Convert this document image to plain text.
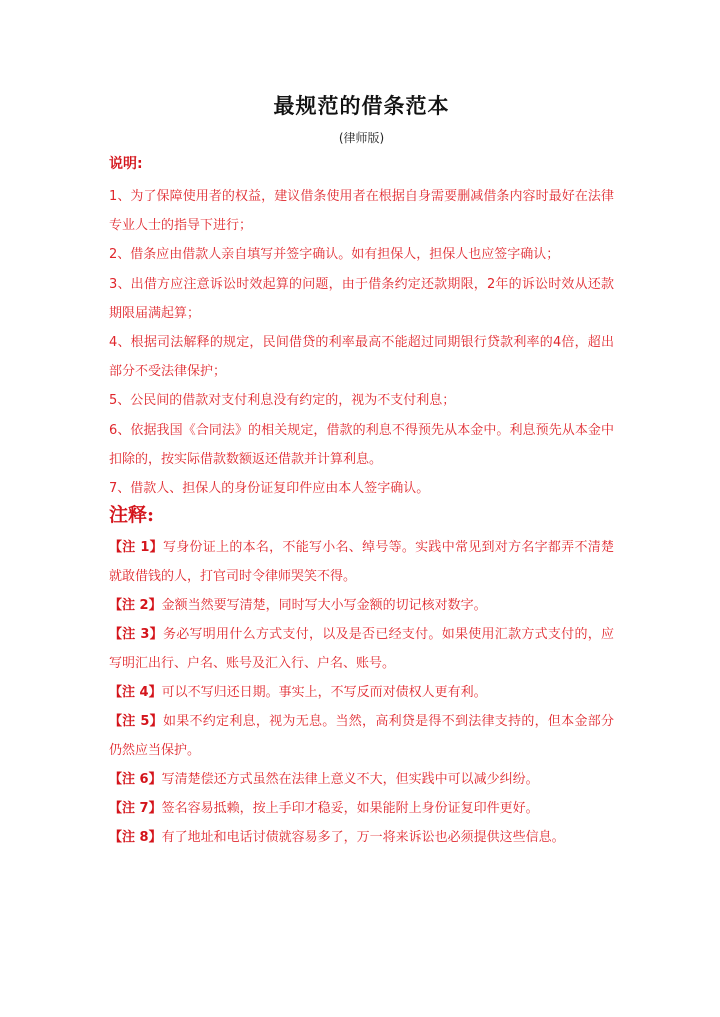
最规范的借条范本
(律师版)
说明:
1、为了保障使用者的权益，建议借条使用者在根据自身需要删减借条内容时最好在法律专业人士的指导下进行；
2、借条应由借款人亲自填写并签字确认。如有担保人，担保人也应签字确认；
3、出借方应注意诉讼时效起算的问题，由于借条约定还款期限，2年的诉讼时效从还款期限届满起算；
4、根据司法解释的规定，民间借贷的利率最高不能超过同期银行贷款利率的4倍，超出部分不受法律保护；
5、公民间的借款对支付利息没有约定的，视为不支付利息；
6、依据我国《合同法》的相关规定，借款的利息不得预先从本金中。利息预先从本金中扣除的，按实际借款数额返还借款并计算利息。
7、借款人、担保人的身份证复印件应由本人签字确认。
注释:
【注 1】写身份证上的本名，不能写小名、绰号等。实践中常见到对方名字都弄不清楚就敢借钱的人，打官司时令律师哭笑不得。
【注 2】金额当然要写清楚，同时写大小写金额的切记核对数字。
【注 3】务必写明用什么方式支付，以及是否已经支付。如果使用汇款方式支付的，应写明汇出行、户名、账号及汇入行、户名、账号。
【注 4】可以不写归还日期。事实上，不写反而对债权人更有利。
【注 5】如果不约定利息，视为无息。当然，高利贷是得不到法律支持的，但本金部分仍然应当保护。
【注 6】写清楚偿还方式虽然在法律上意义不大，但实践中可以减少纠纷。
【注 7】签名容易抵赖，按上手印才稳妥，如果能附上身份证复印件更好。
【注 8】有了地址和电话讨债就容易多了，万一将来诉讼也必须提供这些信息。
